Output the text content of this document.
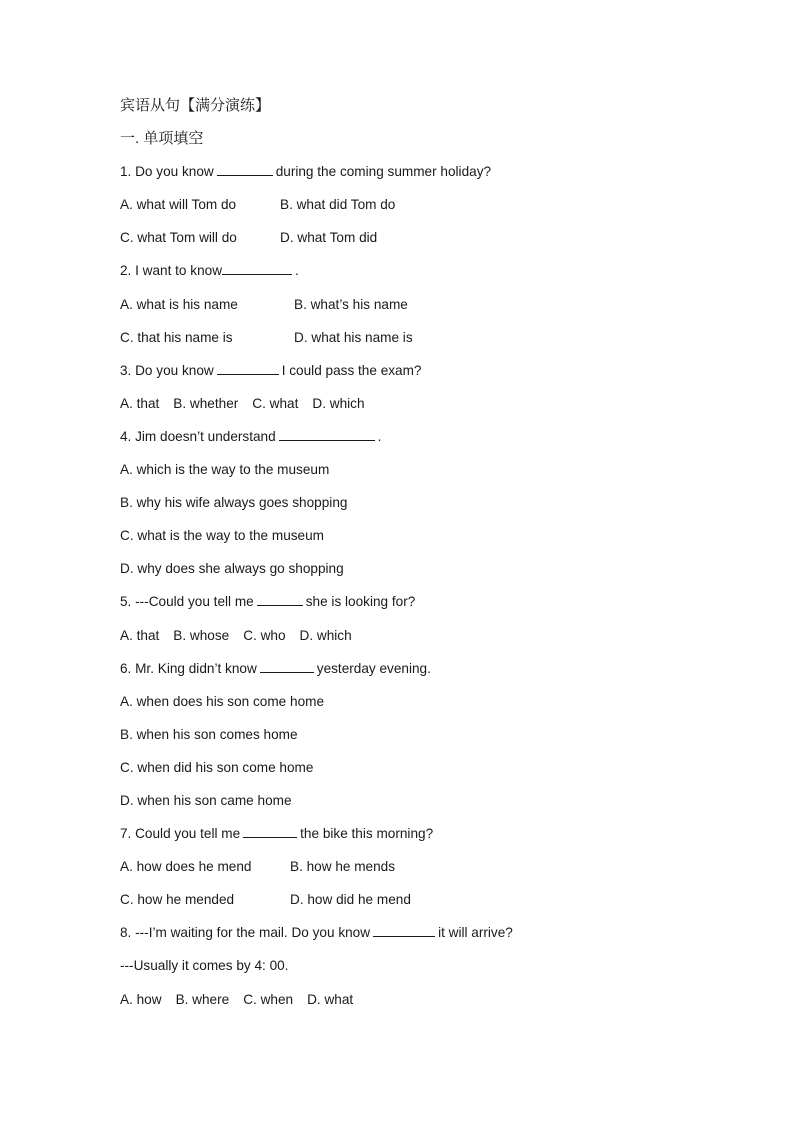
宾语从句【满分演练】
一. 单项填空
1. Do you know	during the coming summer holiday?
A. what will Tom do	B. what did Tom do
C. what Tom will do	D. what Tom did
2. I want to know	.
A. what is his name	B. what’s his name
C. that his name is	D. what his name is
3. Do you know	I could pass the exam?
A. that B. whether C. what D. which
4. Jim doesn’t understand	.
A. which is the way to the museum
B. why his wife always goes shopping
C. what is the way to the museum
D. why does she always go shopping
5. ---Could you tell me	she is looking for?
A. that B. whose C. who D. which
6. Mr. King didn’t know	yesterday evening.
A. when does his son come home
B. when his son comes home
C. when did his son come home
D. when his son came home
7. Could you tell me	the bike this morning?
A. how does he mend	B. how he mends
C. how he mended	D. how did he mend
8. ---I’m waiting for the mail. Do you know	it will arrive?
---Usually it comes by 4: 00.
A. how B. where C. when D. what
